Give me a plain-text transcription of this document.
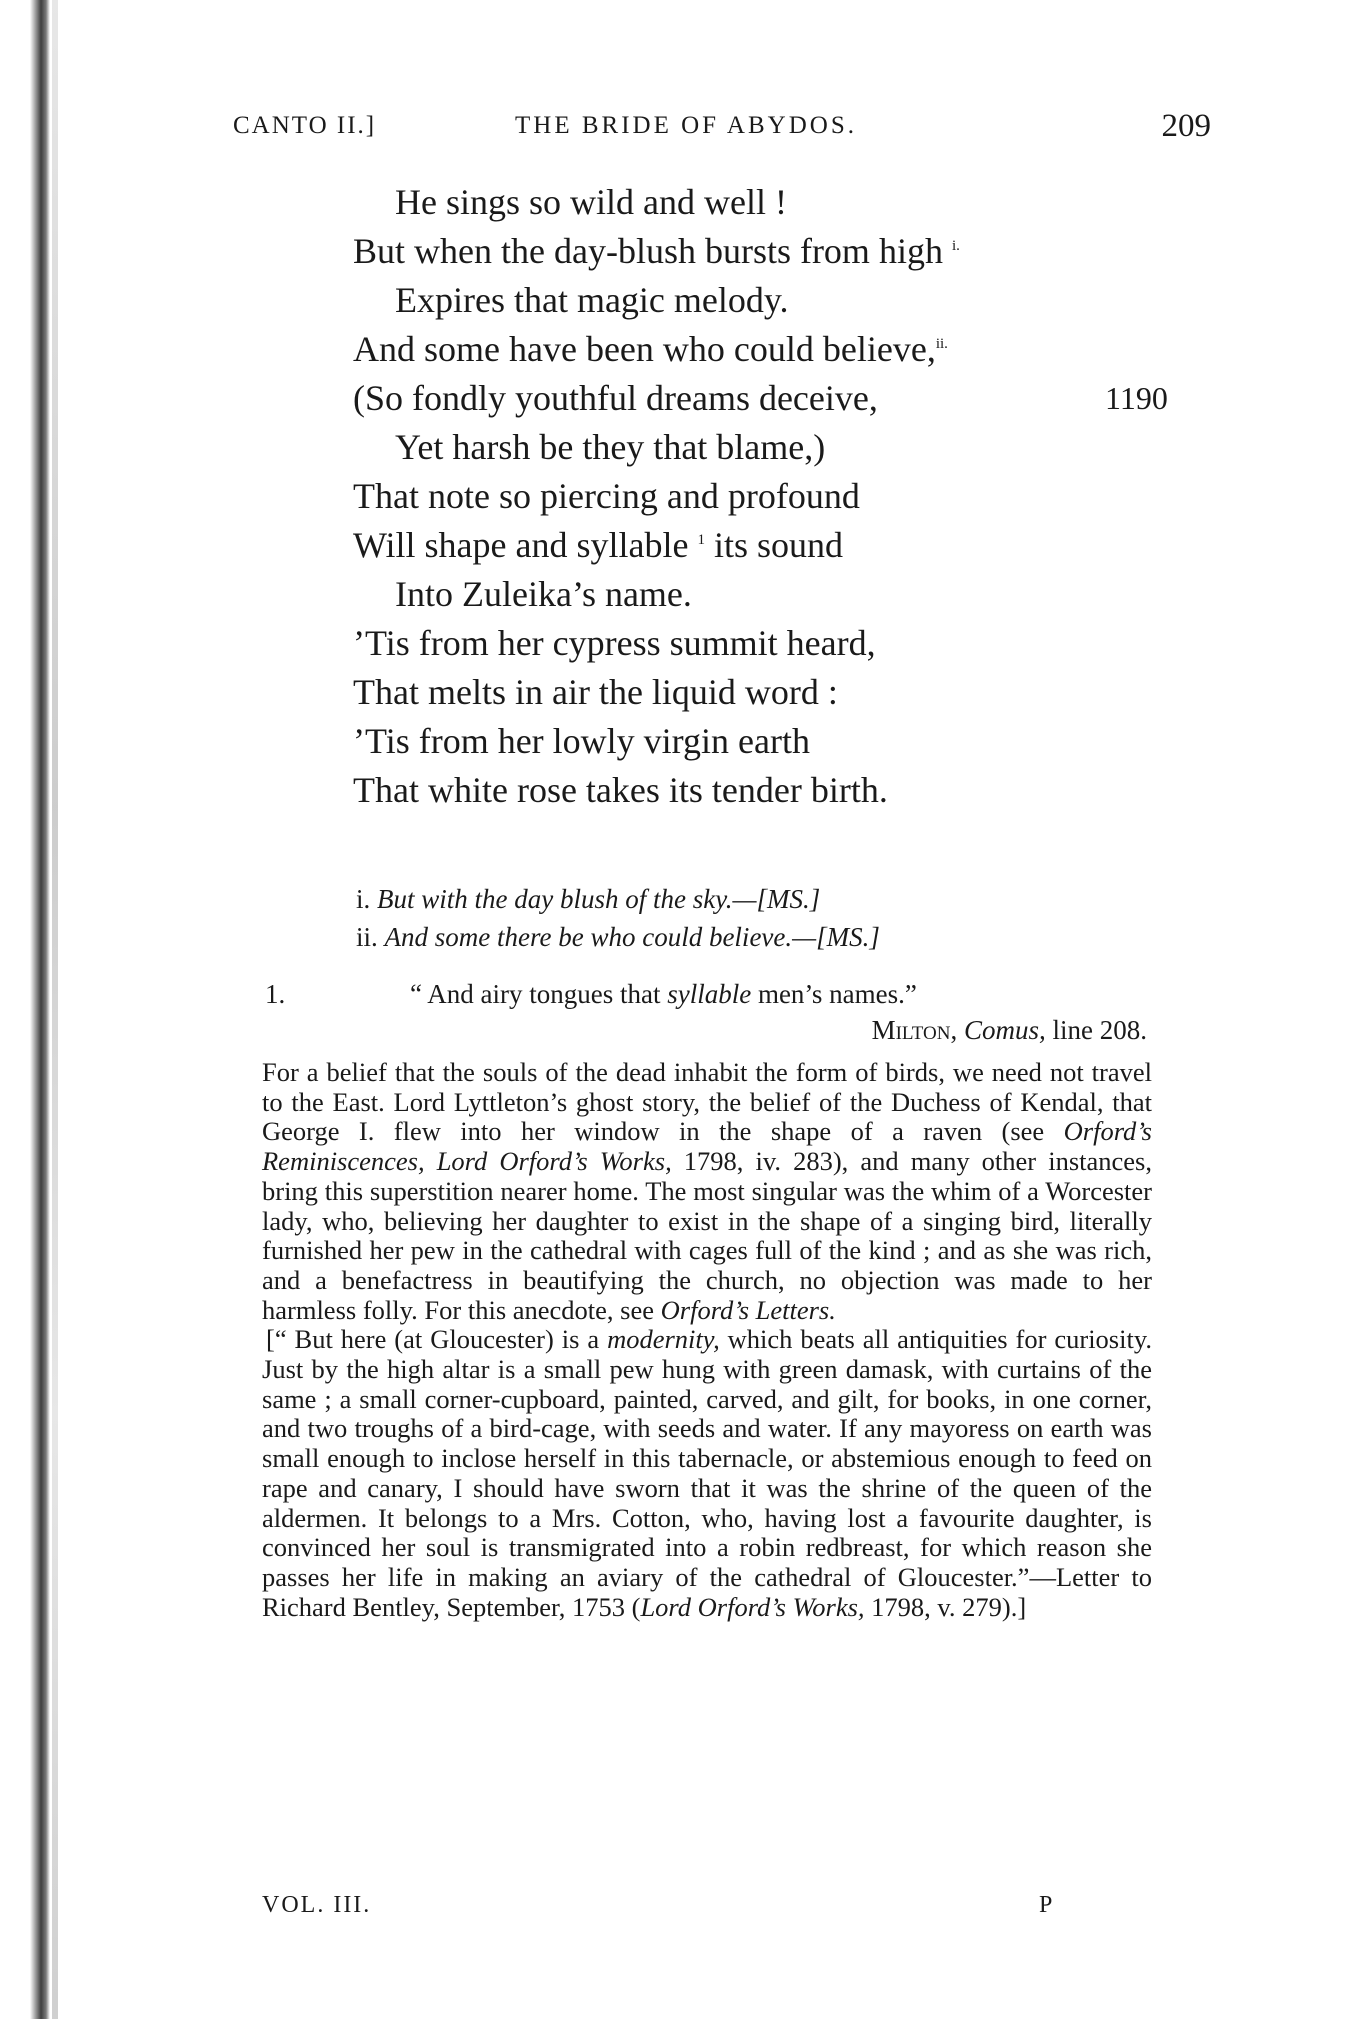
CANTO II.]	THE BRIDE OF ABYDOS.	209
He sings so wild and well !
But when the day-blush bursts from high $^{i.}$
Expires that magic melody.
And some have been who could believe,$^{ii.}$
(So fondly youthful dreams deceive,	1190
Yet harsh be they that blame,)
That note so piercing and profound
Will shape and syllable $^1$ its sound
Into Zuleika’s name.
’Tis from her cypress summit heard,
That melts in air the liquid word :
’Tis from her lowly virgin earth
That white rose takes its tender birth.
i. But with the day blush of the sky.—[MS.]
ii. And some there be who could believe.—[MS.]
1.	“ And airy tongues that syllable men’s names.”
Milton, Comus, line 208.

For a belief that the souls of the dead inhabit the form of birds, we need not travel to the East. Lord Lyttleton’s ghost story, the belief of the Duchess of Kendal, that George I. flew into her window in the shape of a raven (see Orford’s Reminiscences, Lord Orford’s Works, 1798, iv. 283), and many other instances, bring this superstition nearer home. The most singular was the whim of a Worcester lady, who, believing her daughter to exist in the shape of a singing bird, literally furnished her pew in the cathedral with cages full of the kind ; and as she was rich, and a benefactress in beautifying the church, no objection was made to her harmless folly. For this anecdote, see Orford’s Letters.

[“ But here (at Gloucester) is a modernity, which beats all antiquities for curiosity. Just by the high altar is a small pew hung with green damask, with curtains of the same ; a small corner-cupboard, painted, carved, and gilt, for books, in one corner, and two troughs of a bird-cage, with seeds and water. If any mayoress on earth was small enough to inclose herself in this tabernacle, or abstemious enough to feed on rape and canary, I should have sworn that it was the shrine of the queen of the aldermen. It belongs to a Mrs. Cotton, who, having lost a favourite daughter, is convinced her soul is transmigrated into a robin redbreast, for which reason she passes her life in making an aviary of the cathedral of Gloucester.”—Letter to Richard Bentley, September, 1753 (Lord Orford’s Works, 1798, v. 279).]

VOL. III.	P
